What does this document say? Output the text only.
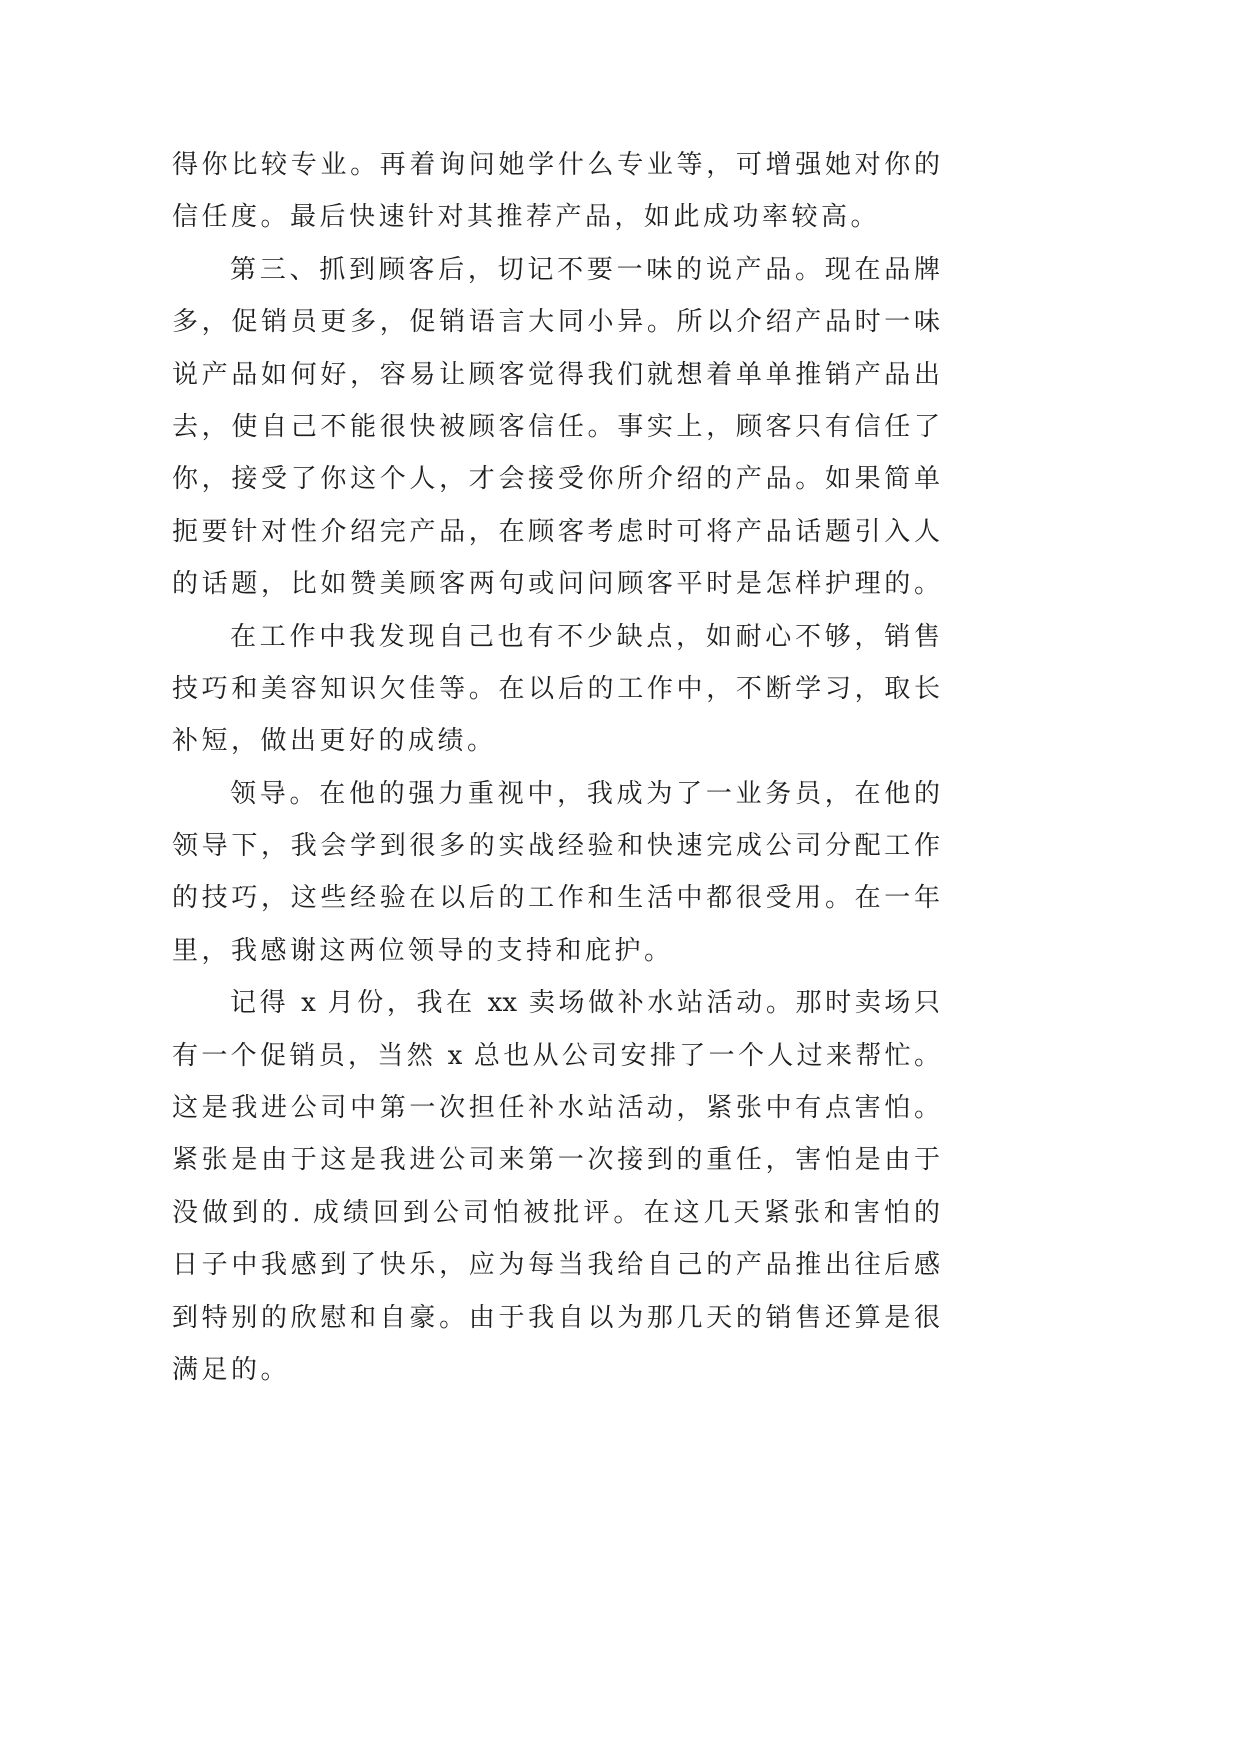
得你比较专业。再着询问她学什么专业等，可增强她对你的
信任度。最后快速针对其推荐产品，如此成功率较高。
第三、抓到顾客后，切记不要一味的说产品。现在品牌
多，促销员更多，促销语言大同小异。所以介绍产品时一味
说产品如何好，容易让顾客觉得我们就想着单单推销产品出
去，使自己不能很快被顾客信任。事实上，顾客只有信任了
你，接受了你这个人，才会接受你所介绍的产品。如果简单
扼要针对性介绍完产品，在顾客考虑时可将产品话题引入人
的话题，比如赞美顾客两句或问问顾客平时是怎样护理的。
在工作中我发现自己也有不少缺点，如耐心不够，销售
技巧和美容知识欠佳等。在以后的工作中，不断学习，取长
补短，做出更好的成绩。
领导。在他的强力重视中，我成为了一业务员，在他的
领导下，我会学到很多的实战经验和快速完成公司分配工作
的技巧，这些经验在以后的工作和生活中都很受用。在一年
里，我感谢这两位领导的支持和庇护。
记得 x 月份，我在 xx 卖场做补水站活动。那时卖场只
有一个促销员，当然 x 总也从公司安排了一个人过来帮忙。
这是我进公司中第一次担任补水站活动，紧张中有点害怕。
紧张是由于这是我进公司来第一次接到的重任，害怕是由于
没做到的. 成绩回到公司怕被批评。在这几天紧张和害怕的
日子中我感到了快乐，应为每当我给自己的产品推出往后感
到特别的欣慰和自豪。由于我自以为那几天的销售还算是很
满足的。
